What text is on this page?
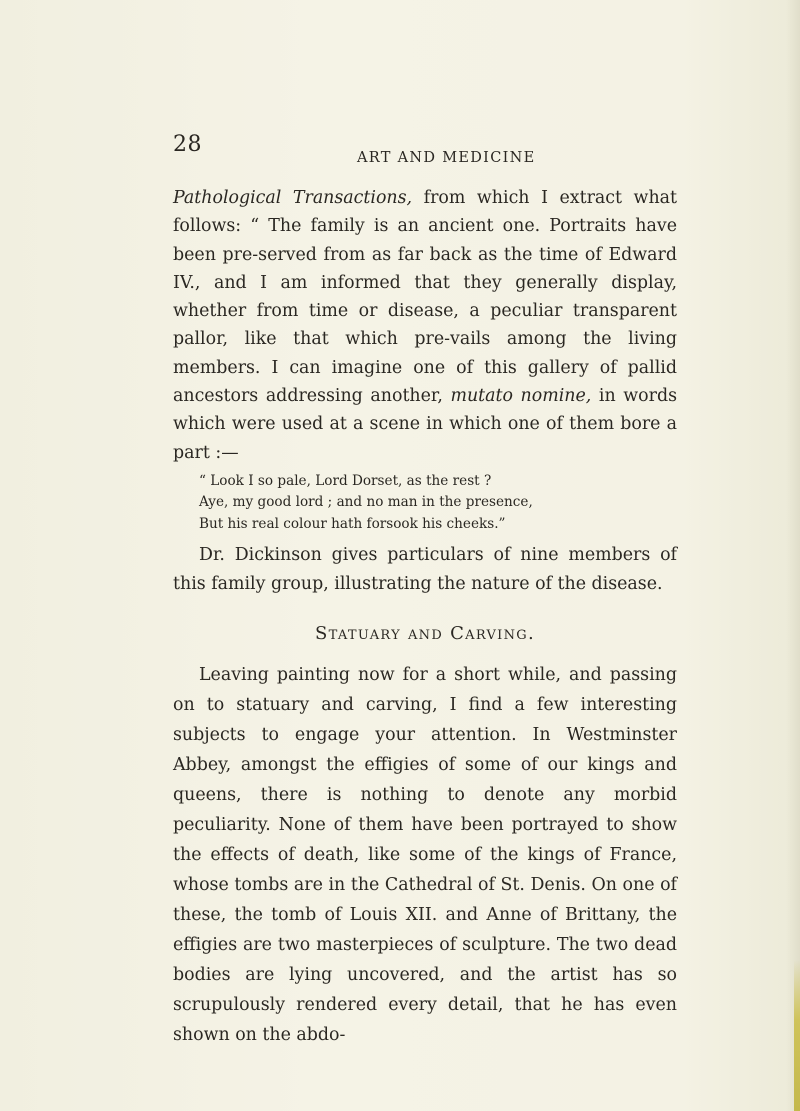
28
ART AND MEDICINE

Pathological Transactions, from which I extract what follows: “ The family is an ancient one. Portraits have been pre-served from as far back as the time of Edward IV., and I am informed that they generally display, whether from time or disease, a peculiar transparent pallor, like that which pre-vails among the living members. I can imagine one of this gallery of pallid ancestors addressing another, mutato nomine, in words which were used at a scene in which one of them bore a part :—

“ Look I so pale, Lord Dorset, as the rest ?
Aye, my good lord ; and no man in the presence,
But his real colour hath forsook his cheeks.”

Dr. Dickinson gives particulars of nine members of this family group, illustrating the nature of the disease.

Statuary and Carving.

Leaving painting now for a short while, and passing on to statuary and carving, I find a few interesting subjects to engage your attention. In Westminster Abbey, amongst the effigies of some of our kings and queens, there is nothing to denote any morbid peculiarity. None of them have been portrayed to show the effects of death, like some of the kings of France, whose tombs are in the Cathedral of St. Denis. On one of these, the tomb of Louis XII. and Anne of Brittany, the effigies are two masterpieces of sculpture. The two dead bodies are lying uncovered, and the artist has so scrupulously rendered every detail, that he has even shown on the abdo-
